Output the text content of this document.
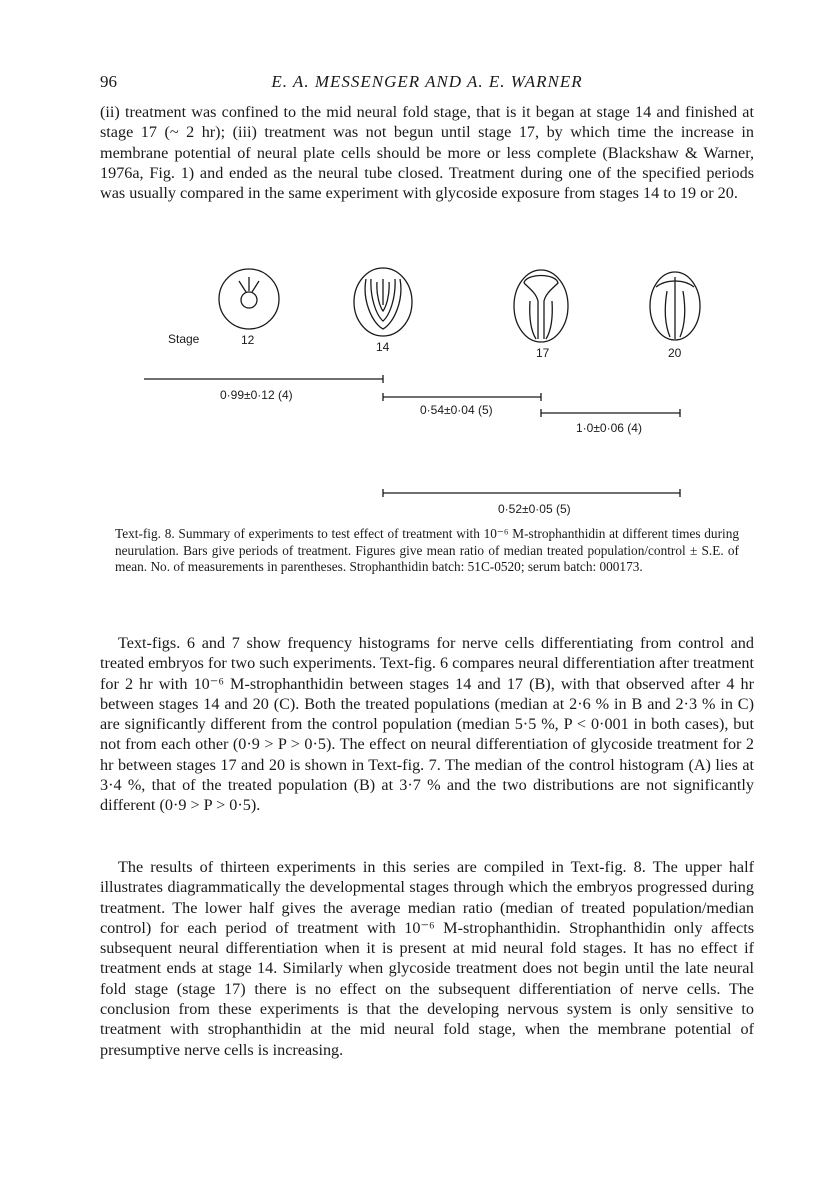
96	E. A. MESSENGER AND A. E. WARNER

(ii) treatment was confined to the mid neural fold stage, that is it began at stage 14 and finished at stage 17 (~ 2 hr); (iii) treatment was not begun until stage 17, by which time the increase in membrane potential of neural plate cells should be more or less complete (Blackshaw & Warner, 1976a, Fig. 1) and ended as the neural tube closed. Treatment during one of the specified periods was usually compared in the same experiment with glycoside exposure from stages 14 to 19 or 20.

Stage	12	14	17	20
0·99±0·12 (4)
0·54±0·04 (5)
1·0±0·06 (4)
0·52±0·05 (5)

Text-fig. 8. Summary of experiments to test effect of treatment with 10⁻⁶ M-strophanthidin at different times during neurulation. Bars give periods of treatment. Figures give mean ratio of median treated population/control ± S.E. of mean. No. of measurements in parentheses. Strophanthidin batch: 51C-0520; serum batch: 000173.

Text-figs. 6 and 7 show frequency histograms for nerve cells differentiating from control and treated embryos for two such experiments. Text-fig. 6 compares neural differentiation after treatment for 2 hr with 10⁻⁶ M-strophanthidin between stages 14 and 17 (B), with that observed after 4 hr between stages 14 and 20 (C). Both the treated populations (median at 2·6 % in B and 2·3 % in C) are significantly different from the control population (median 5·5 %, P < 0·001 in both cases), but not from each other (0·9 > P > 0·5). The effect on neural differentiation of glycoside treatment for 2 hr between stages 17 and 20 is shown in Text-fig. 7. The median of the control histogram (A) lies at 3·4 %, that of the treated population (B) at 3·7 % and the two distributions are not significantly different (0·9 > P > 0·5).

The results of thirteen experiments in this series are compiled in Text-fig. 8. The upper half illustrates diagrammatically the developmental stages through which the embryos progressed during treatment. The lower half gives the average median ratio (median of treated population/median control) for each period of treatment with 10⁻⁶ M-strophanthidin. Strophanthidin only affects subsequent neural differentiation when it is present at mid neural fold stages. It has no effect if treatment ends at stage 14. Similarly when glycoside treatment does not begin until the late neural fold stage (stage 17) there is no effect on the subsequent differentiation of nerve cells. The conclusion from these experiments is that the developing nervous system is only sensitive to treatment with strophanthidin at the mid neural fold stage, when the membrane potential of presumptive nerve cells is increasing.
